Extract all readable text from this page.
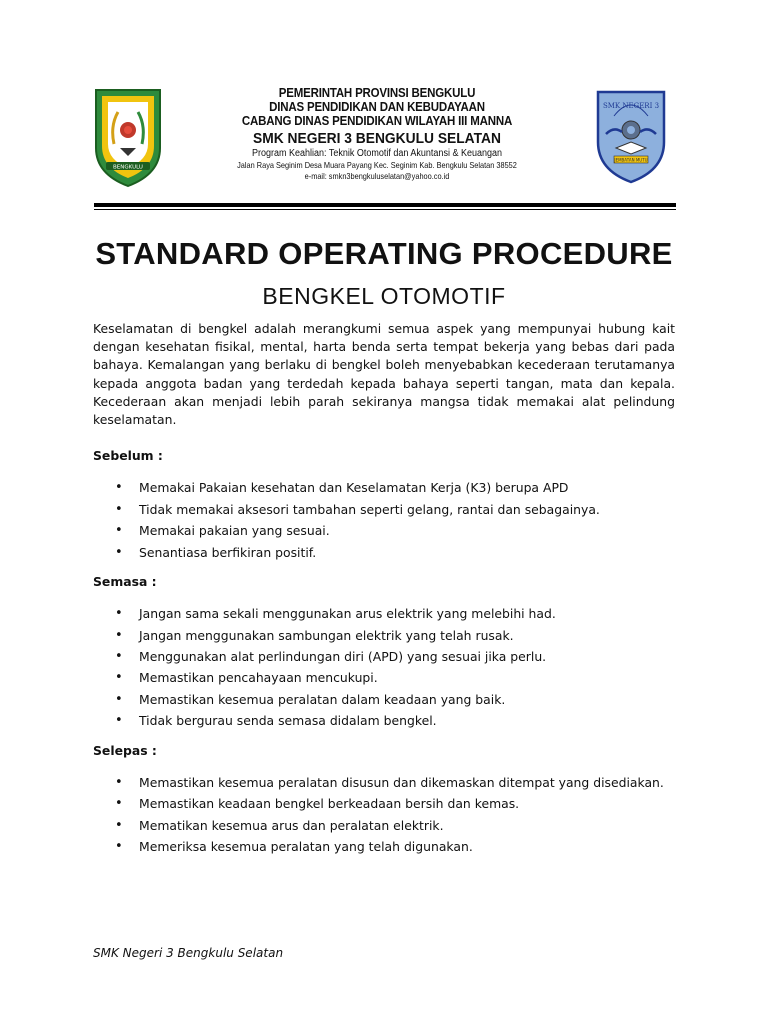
BENGKULU
PEMERINTAH PROVINSI BENGKULU
DINAS PENDIDIKAN DAN KEBUDAYAAN
CABANG DINAS PENDIDIKAN WILAYAH III MANNA
SMK NEGERI 3 BENGKULU SELATAN
Program Keahlian: Teknik Otomotif dan Akuntansi & Keuangan
Jalan Raya Seginim Desa Muara Payang Kec. Seginim Kab. Bengkulu Selatan 38552
e-mail: smkn3bengkuluselatan@yahoo.co.id
SMK NEGERI 3
JEMBATAN MUTU
STANDARD OPERATING PROCEDURE
BENGKEL OTOMOTIF

Keselamatan di bengkel adalah merangkumi semua aspek yang mempunyai hubung kait dengan kesehatan fisikal, mental, harta benda serta tempat bekerja yang bebas dari pada bahaya. Kemalangan yang berlaku di bengkel boleh menyebabkan kecederaan terutamanya kepada anggota badan yang terdedah kepada bahaya seperti tangan, mata dan kepala. Kecederaan akan menjadi lebih parah sekiranya mangsa tidak memakai alat pelindung keselamatan.

Sebelum :

• Memakai Pakaian kesehatan dan Keselamatan Kerja (K3) berupa APD
• Tidak memakai aksesori tambahan seperti gelang, rantai dan sebagainya.
• Memakai pakaian yang sesuai.
• Senantiasa berfikiran positif.

Semasa :

• Jangan sama sekali menggunakan arus elektrik yang melebihi had.
• Jangan menggunakan sambungan elektrik yang telah rusak.
• Menggunakan alat perlindungan diri (APD) yang sesuai jika perlu.
• Memastikan pencahayaan mencukupi.
• Memastikan kesemua peralatan dalam keadaan yang baik.
• Tidak bergurau senda semasa didalam bengkel.

Selepas :

• Memastikan kesemua peralatan disusun dan dikemaskan ditempat yang disediakan.
• Memastikan keadaan bengkel berkeadaan bersih dan kemas.
• Mematikan kesemua arus dan peralatan elektrik.
• Memeriksa kesemua peralatan yang telah digunakan.
SMK Negeri 3 Bengkulu Selatan
